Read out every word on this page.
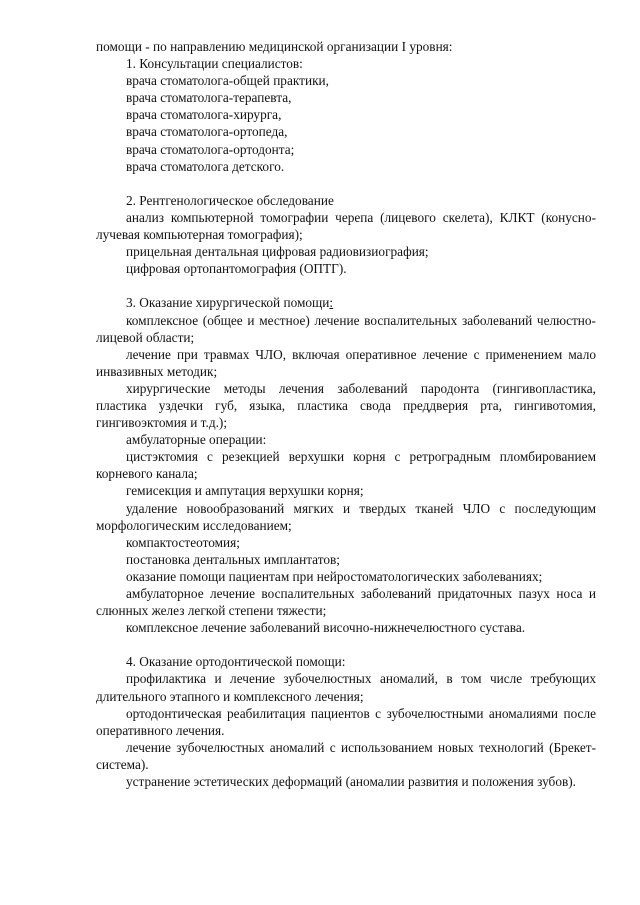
помощи - по направлению медицинской организации I уровня:

1. Консультации специалистов:

врача стоматолога-общей практики,

врача стоматолога-терапевта,

врача стоматолога-хирурга,

врача стоматолога-ортопеда,

врача стоматолога-ортодонта;

врача стоматолога детского.

2. Рентгенологическое обследование

анализ компьютерной томографии черепа (лицевого скелета), КЛКТ (конусно-лучевая компьютерная томография);

прицельная дентальная цифровая радиовизиография;

цифровая ортопантомография (ОПТГ).

3. Оказание хирургической помощи:

комплексное (общее и местное) лечение воспалительных заболеваний челюстно-лицевой области;

лечение при травмах ЧЛО, включая оперативное лечение с применением мало инвазивных методик;

хирургические методы лечения заболеваний пародонта (гингивопластика, пластика уздечки губ, языка, пластика свода преддверия рта, гингивотомия, гингивоэктомия и т.д.);

амбулаторные операции:

цистэктомия с резекцией верхушки корня с ретроградным пломбированием корневого канала;

гемисекция и ампутация верхушки корня;

удаление новообразований мягких и твердых тканей ЧЛО с последующим морфологическим исследованием;

компактостеотомия;

постановка дентальных имплантатов;

оказание помощи пациентам при нейростоматологических заболеваниях;

амбулаторное лечение воспалительных заболеваний придаточных пазух носа и слюнных желез легкой степени тяжести;

комплексное лечение заболеваний височно-нижнечелюстного сустава.

4. Оказание ортодонтической помощи:

профилактика и лечение зубочелюстных аномалий, в том числе требующих длительного этапного и комплексного лечения;

ортодонтическая реабилитация пациентов с зубочелюстными аномалиями после оперативного лечения.

лечение зубочелюстных аномалий с использованием новых технологий (Брекет-система).

устранение эстетических деформаций (аномалии развития и положения зубов).
